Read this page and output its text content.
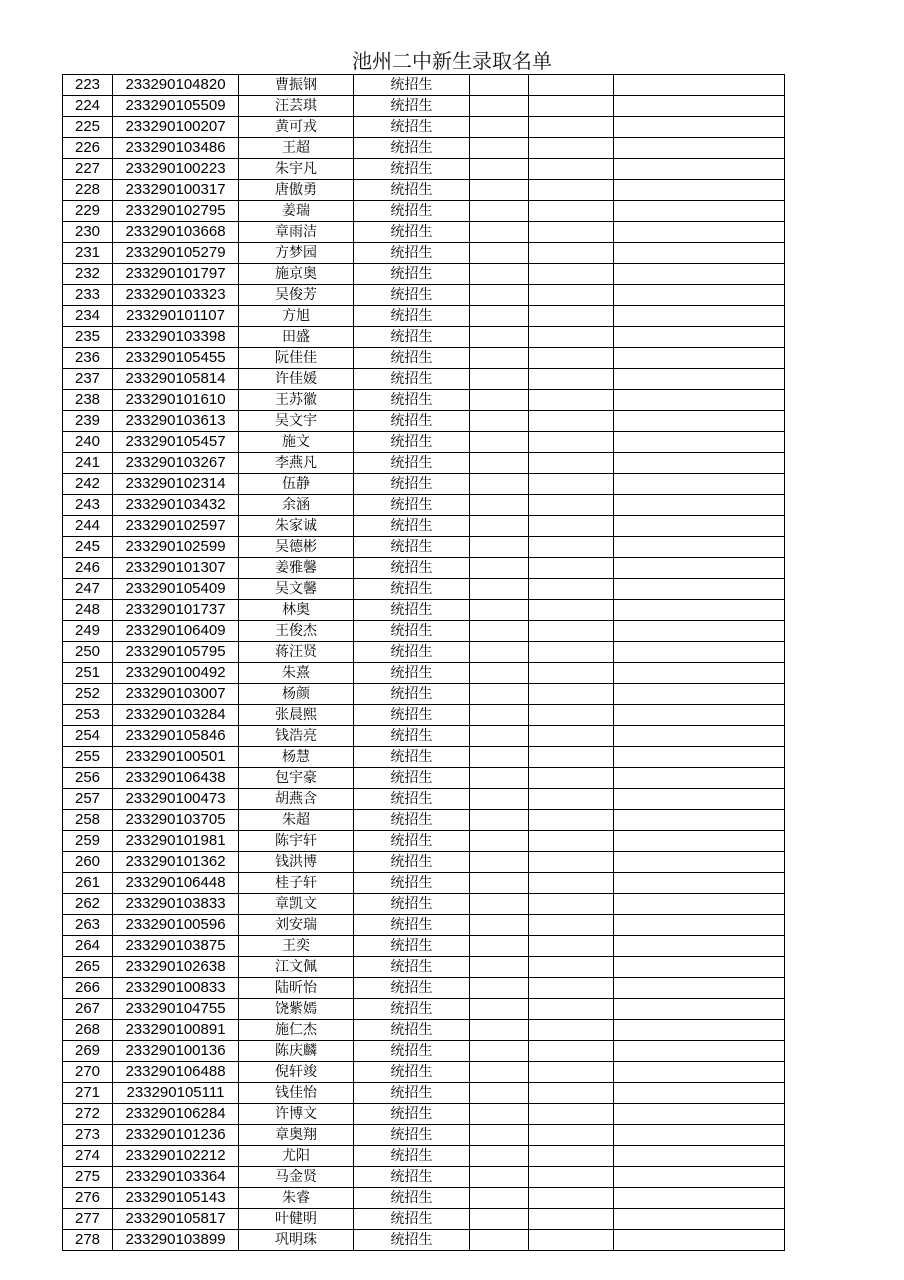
池州二中新生录取名单
223	233290104820	曹振钢	统招生			
224	233290105509	汪芸琪	统招生			
225	233290100207	黄可戎	统招生			
226	233290103486	王超	统招生			
227	233290100223	朱宇凡	统招生			
228	233290100317	唐傲勇	统招生			
229	233290102795	姜瑞	统招生			
230	233290103668	章雨洁	统招生			
231	233290105279	方梦园	统招生			
232	233290101797	施京奥	统招生			
233	233290103323	吴俊芳	统招生			
234	233290101107	方旭	统招生			
235	233290103398	田盛	统招生			
236	233290105455	阮佳佳	统招生			
237	233290105814	许佳媛	统招生			
238	233290101610	王苏徽	统招生			
239	233290103613	吴文宇	统招生			
240	233290105457	施文	统招生			
241	233290103267	李燕凡	统招生			
242	233290102314	伍静	统招生			
243	233290103432	余涵	统招生			
244	233290102597	朱家诚	统招生			
245	233290102599	吴德彬	统招生			
246	233290101307	姜雅馨	统招生			
247	233290105409	吴文馨	统招生			
248	233290101737	林奥	统招生			
249	233290106409	王俊杰	统招生			
250	233290105795	蒋汪贤	统招生			
251	233290100492	朱熹	统招生			
252	233290103007	杨颜	统招生			
253	233290103284	张晨熙	统招生			
254	233290105846	钱浩亮	统招生			
255	233290100501	杨慧	统招生			
256	233290106438	包宇豪	统招生			
257	233290100473	胡燕含	统招生			
258	233290103705	朱超	统招生			
259	233290101981	陈宇轩	统招生			
260	233290101362	钱洪博	统招生			
261	233290106448	桂子轩	统招生			
262	233290103833	章凯文	统招生			
263	233290100596	刘安瑞	统招生			
264	233290103875	王奕	统招生			
265	233290102638	江文佩	统招生			
266	233290100833	陆昕怡	统招生			
267	233290104755	饶紫嫣	统招生			
268	233290100891	施仁杰	统招生			
269	233290100136	陈庆麟	统招生			
270	233290106488	倪轩竣	统招生			
271	233290105111	钱佳怡	统招生			
272	233290106284	许博文	统招生			
273	233290101236	章奥翔	统招生			
274	233290102212	尤阳	统招生			
275	233290103364	马金贤	统招生			
276	233290105143	朱睿	统招生			
277	233290105817	叶健明	统招生			
278	233290103899	巩明珠	统招生			
